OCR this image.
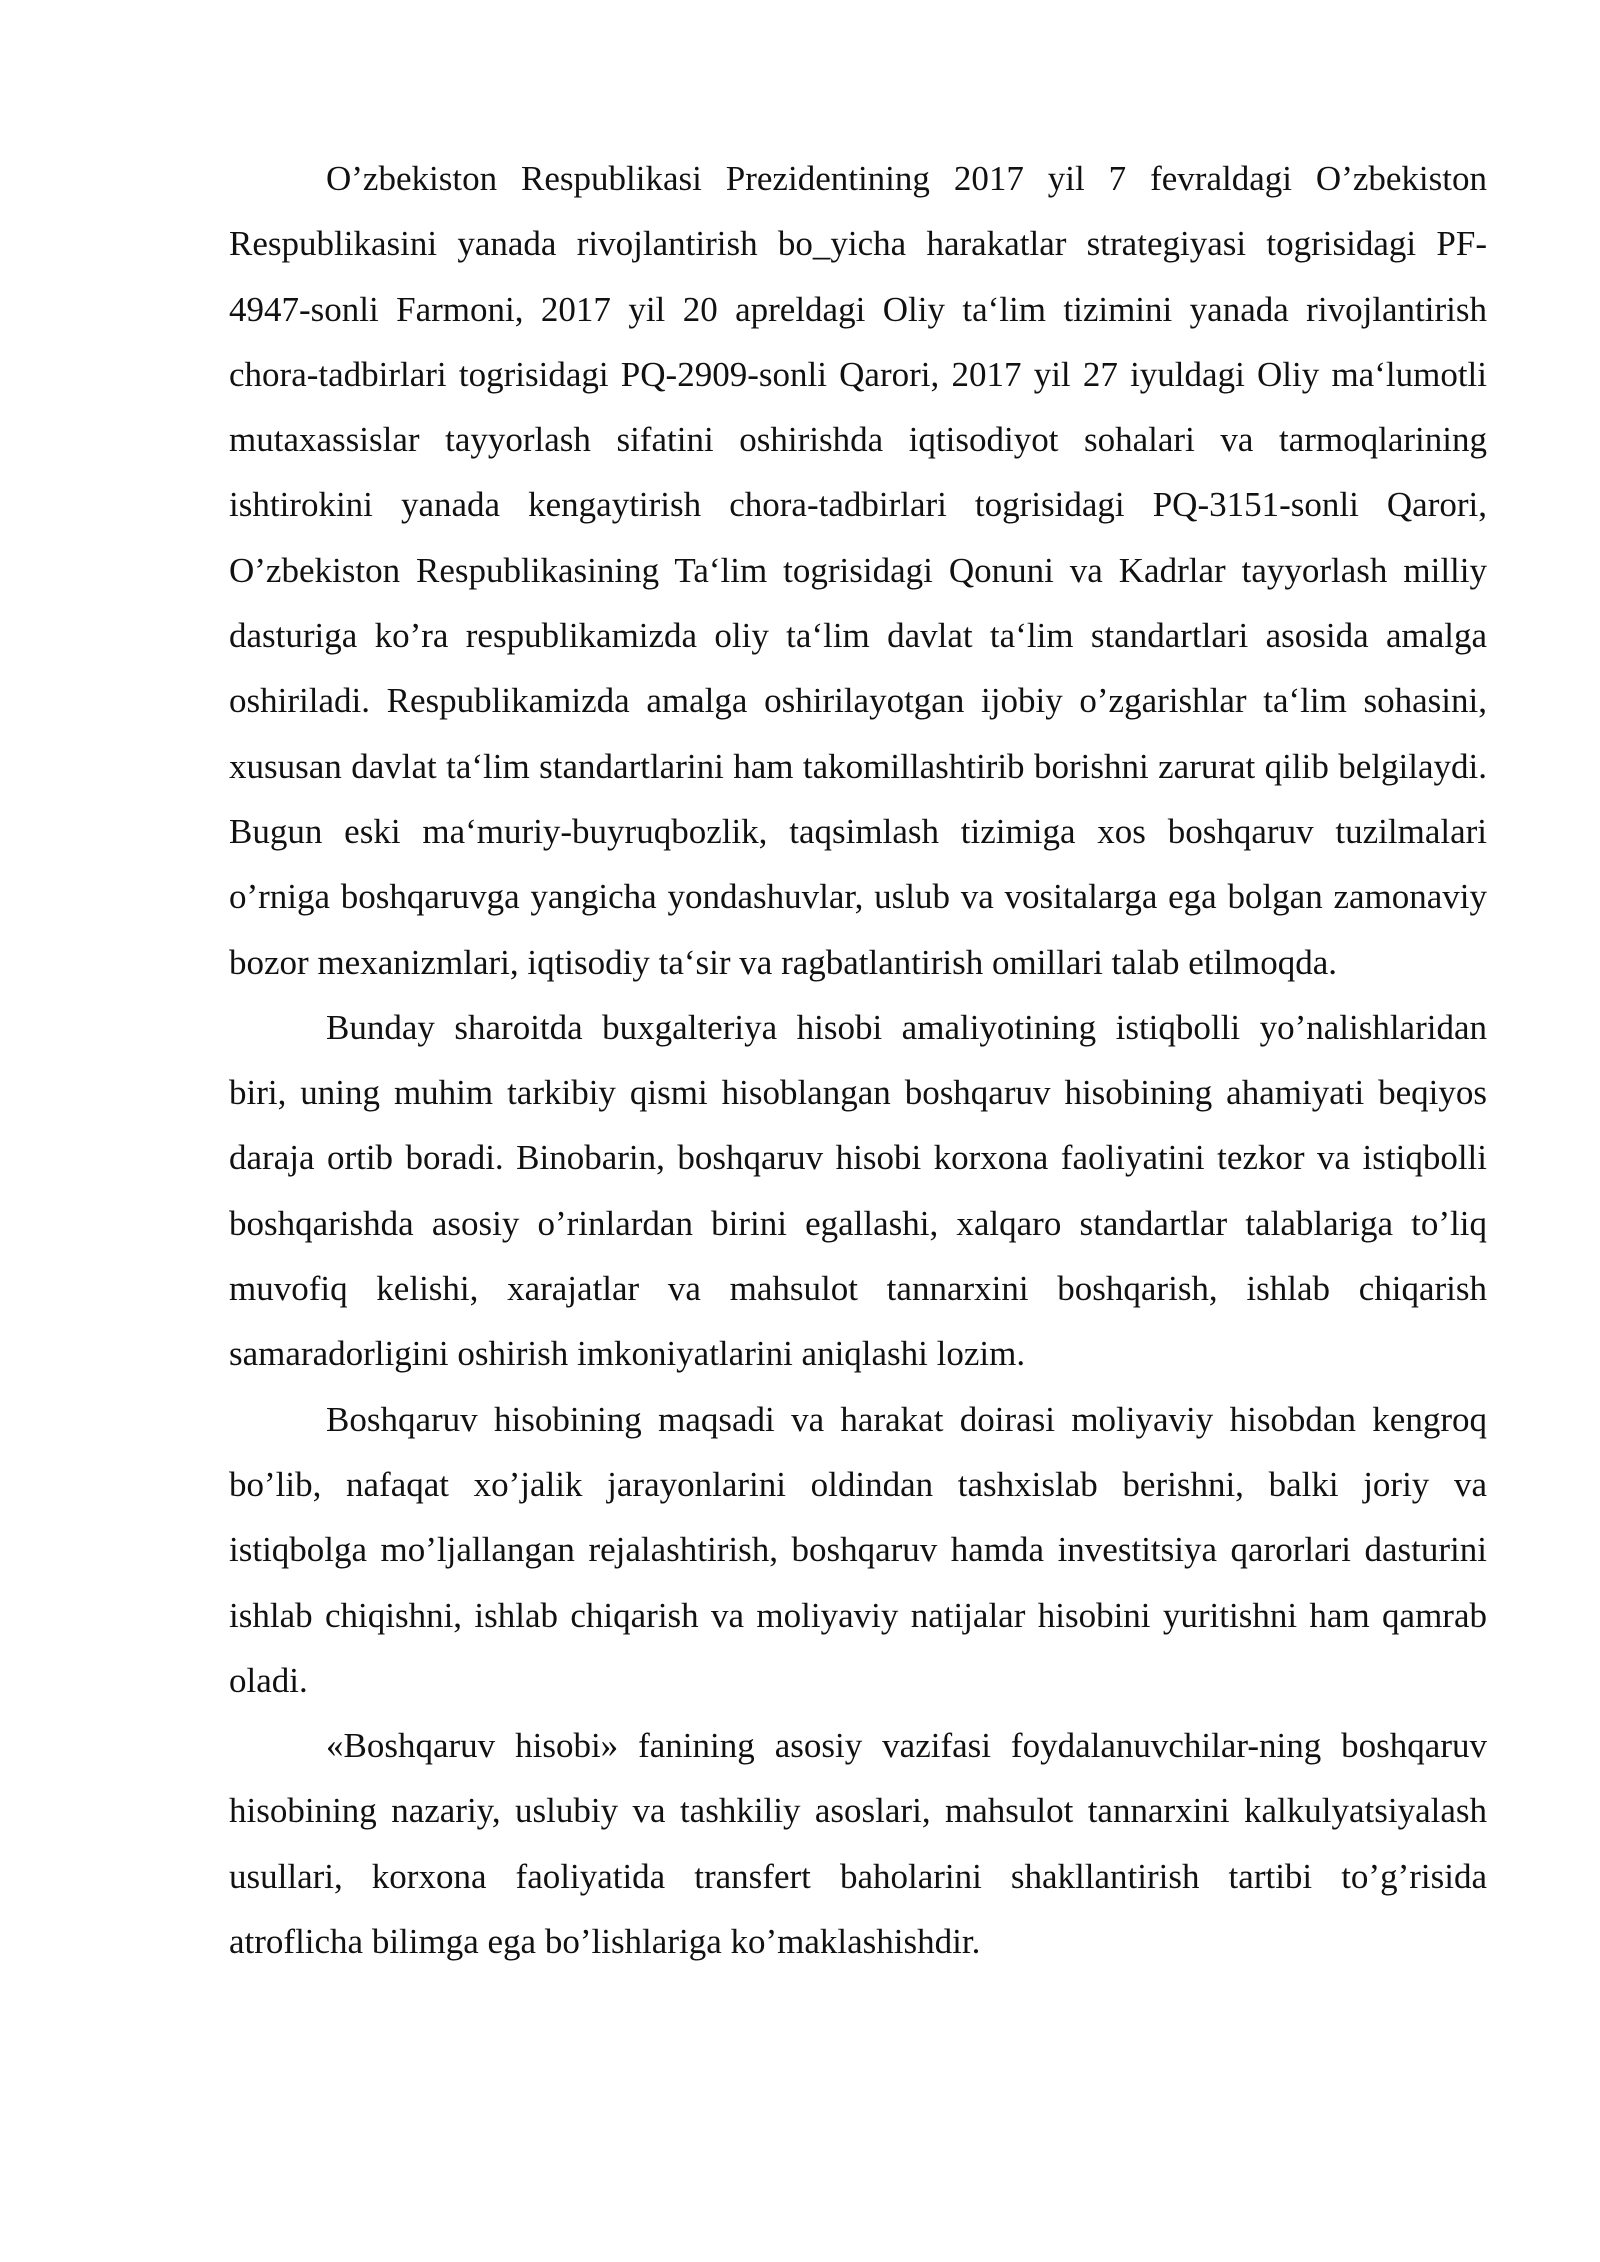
O’zbekiston Respublikasi Prezidentining 2017 yil 7 fevraldagi O’zbekiston Respublikasini yanada rivojlantirish bo_yicha harakatlar strategiyasi togrisidagi PF-4947-sonli Farmoni, 2017 yil 20 apreldagi Oliy ta‘lim tizimini yanada rivojlantirish chora-tadbirlari togrisidagi PQ-2909-sonli Qarori, 2017 yil 27 iyuldagi Oliy ma‘lumotli mutaxassislar tayyorlash sifatini oshirishda iqtisodiyot sohalari va tarmoqlarining ishtirokini yanada kengaytirish chora-tadbirlari togrisidagi PQ-3151-sonli Qarori, O’zbekiston Respublikasining Ta‘lim togrisidagi Qonuni va Kadrlar tayyorlash milliy dasturiga ko’ra respublikamizda oliy ta‘lim davlat ta‘lim standartlari asosida amalga oshiriladi. Respublikamizda amalga oshirilayotgan ijobiy o’zgarishlar ta‘lim sohasini, xususan davlat ta‘lim standartlarini ham takomillashtirib borishni zarurat qilib belgilaydi. Bugun eski ma‘muriy-buyruqbozlik, taqsimlash tizimiga xos boshqaruv tuzilmalari o’rniga boshqaruvga yangicha yondashuvlar, uslub va vositalarga ega bolgan zamonaviy bozor mexanizmlari, iqtisodiy ta‘sir va ragbatlantirish omillari talab etilmoqda.

Bunday sharoitda buxgalteriya hisobi amaliyotining istiqbolli yo’nalishlaridan biri, uning muhim tarkibiy qismi hisoblangan boshqaruv hisobining ahamiyati beqiyos daraja ortib boradi. Binobarin, boshqaruv hisobi korxona faoliyatini tezkor va istiqbolli boshqarishda asosiy o’rinlardan birini egallashi, xalqaro standartlar talablariga to’liq muvofiq kelishi, xarajatlar va mahsulot tannarxini boshqarish, ishlab chiqarish samaradorligini oshirish imkoniyatlarini aniqlashi lozim.

Boshqaruv hisobining maqsadi va harakat doirasi moliyaviy hisobdan kengroq bo’lib, nafaqat xo’jalik jarayonlarini oldindan tashxislab berishni, balki joriy va istiqbolga mo’ljallangan rejalashtirish, boshqaruv hamda investitsiya qarorlari dasturini ishlab chiqishni, ishlab chiqarish va moliyaviy natijalar hisobini yuritishni ham qamrab oladi.

«Boshqaruv hisobi» fanining asosiy vazifasi foydalanuvchilar-ning boshqaruv hisobining nazariy, uslubiy va tashkiliy asoslari, mahsulot tannarxini kalkulyatsiyalash usullari, korxona faoliyatida transfert baholarini shakllantirish tartibi to’g’risida atroflicha bilimga ega bo’lishlariga ko’maklashishdir.
